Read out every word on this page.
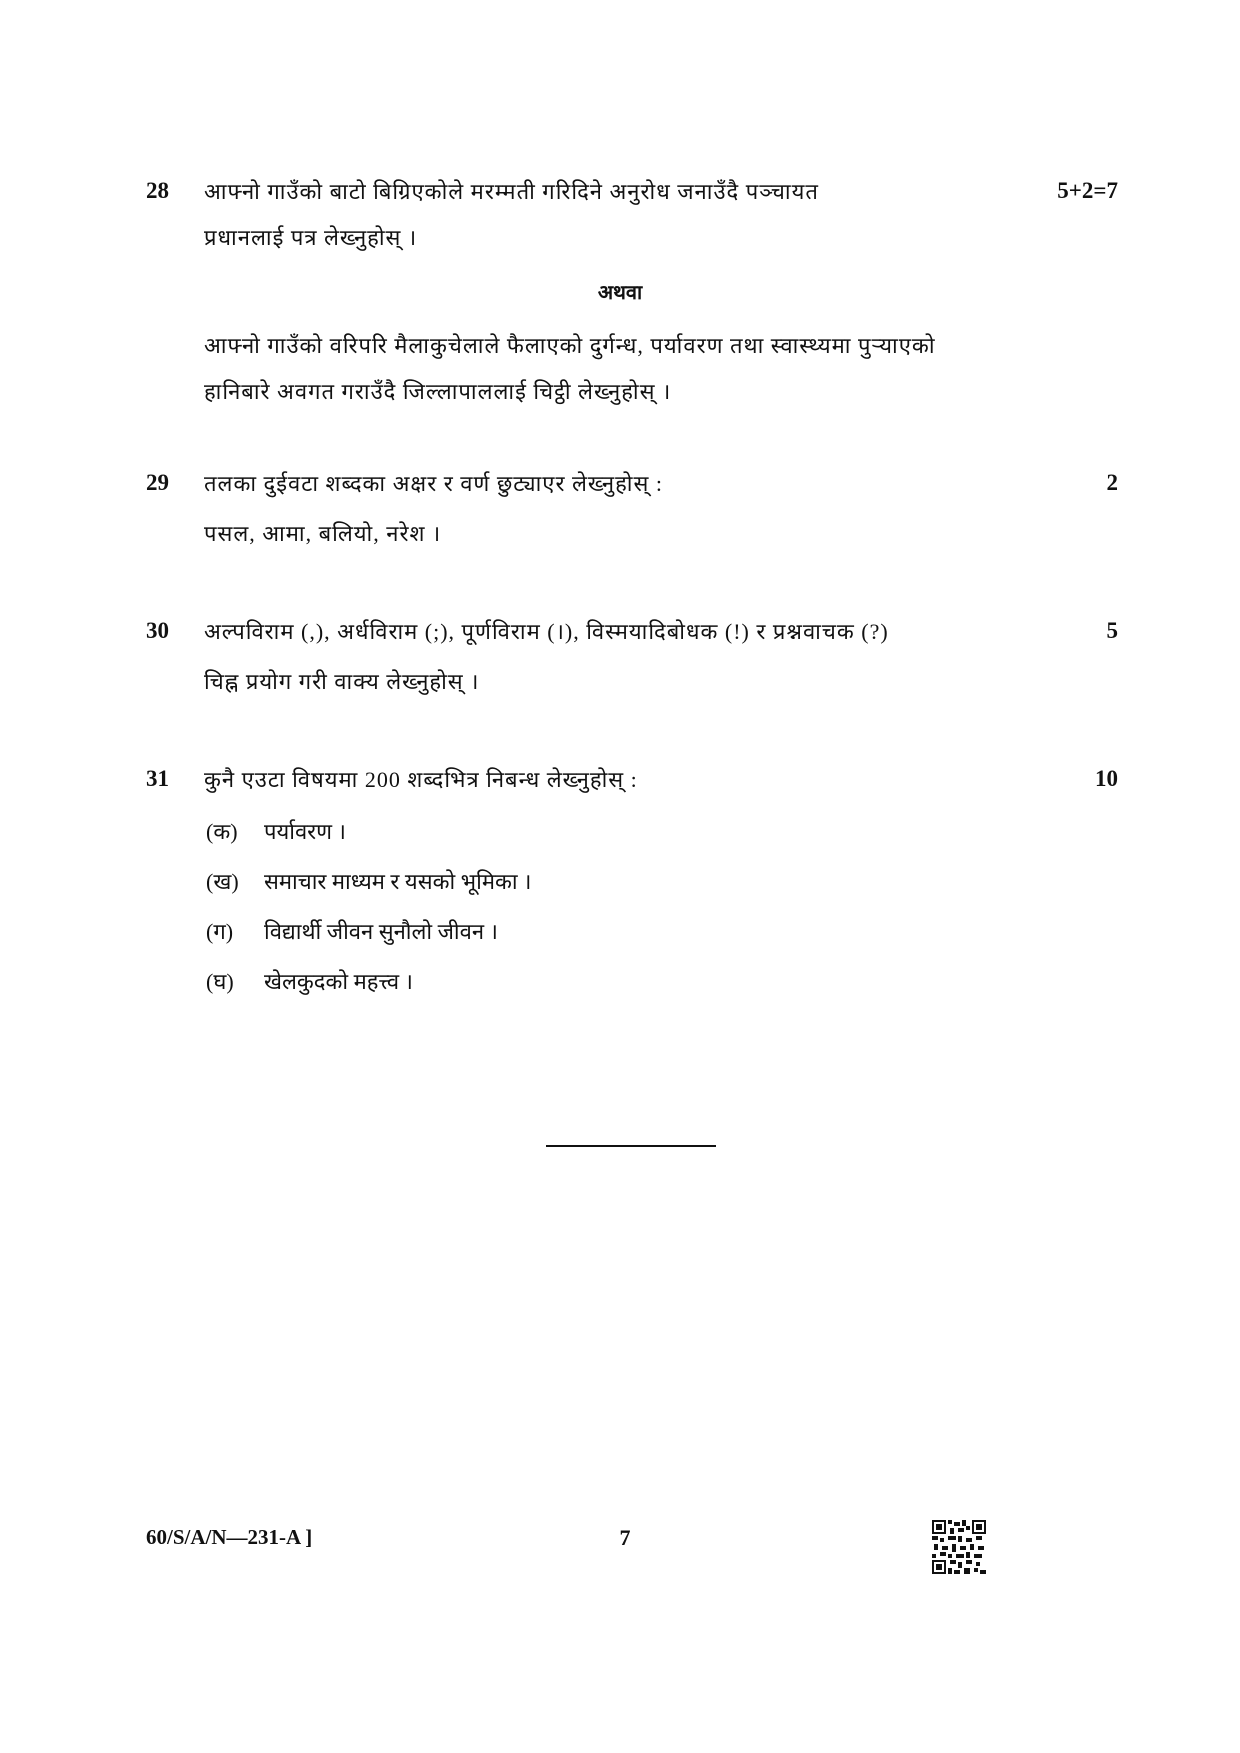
28 आफ्नो गाउँको बाटो बिग्रिएकोले मरम्मती गरिदिने अनुरोध जनाउँदै पञ्चायत	5+2=7
प्रधानलाई पत्र लेख्नुहोस् ।
अथवा
आफ्नो गाउँको वरिपरि मैलाकुचेलाले फैलाएको दुर्गन्ध, पर्यावरण तथा स्वास्थ्यमा पुऱ्याएको
हानिबारे अवगत गराउँदै जिल्लापाललाई चिट्ठी लेख्नुहोस् ।
29 तलका दुईवटा शब्दका अक्षर र वर्ण छुट्याएर लेख्नुहोस् :	2
पसल, आमा, बलियो, नरेश ।
30 अल्पविराम (,), अर्धविराम (;), पूर्णविराम (।), विस्मयादिबोधक (!) र प्रश्नवाचक (?)	5
चिह्न प्रयोग गरी वाक्य लेख्नुहोस् ।
31 कुनै एउटा विषयमा 200 शब्दभित्र निबन्ध लेख्नुहोस् :	10
(क) पर्यावरण ।
(ख) समाचार माध्यम र यसको भूमिका ।
(ग) विद्यार्थी जीवन सुनौलो जीवन ।
(घ) खेलकुदको महत्त्व ।
60/S/A/N—231-A ]	7
